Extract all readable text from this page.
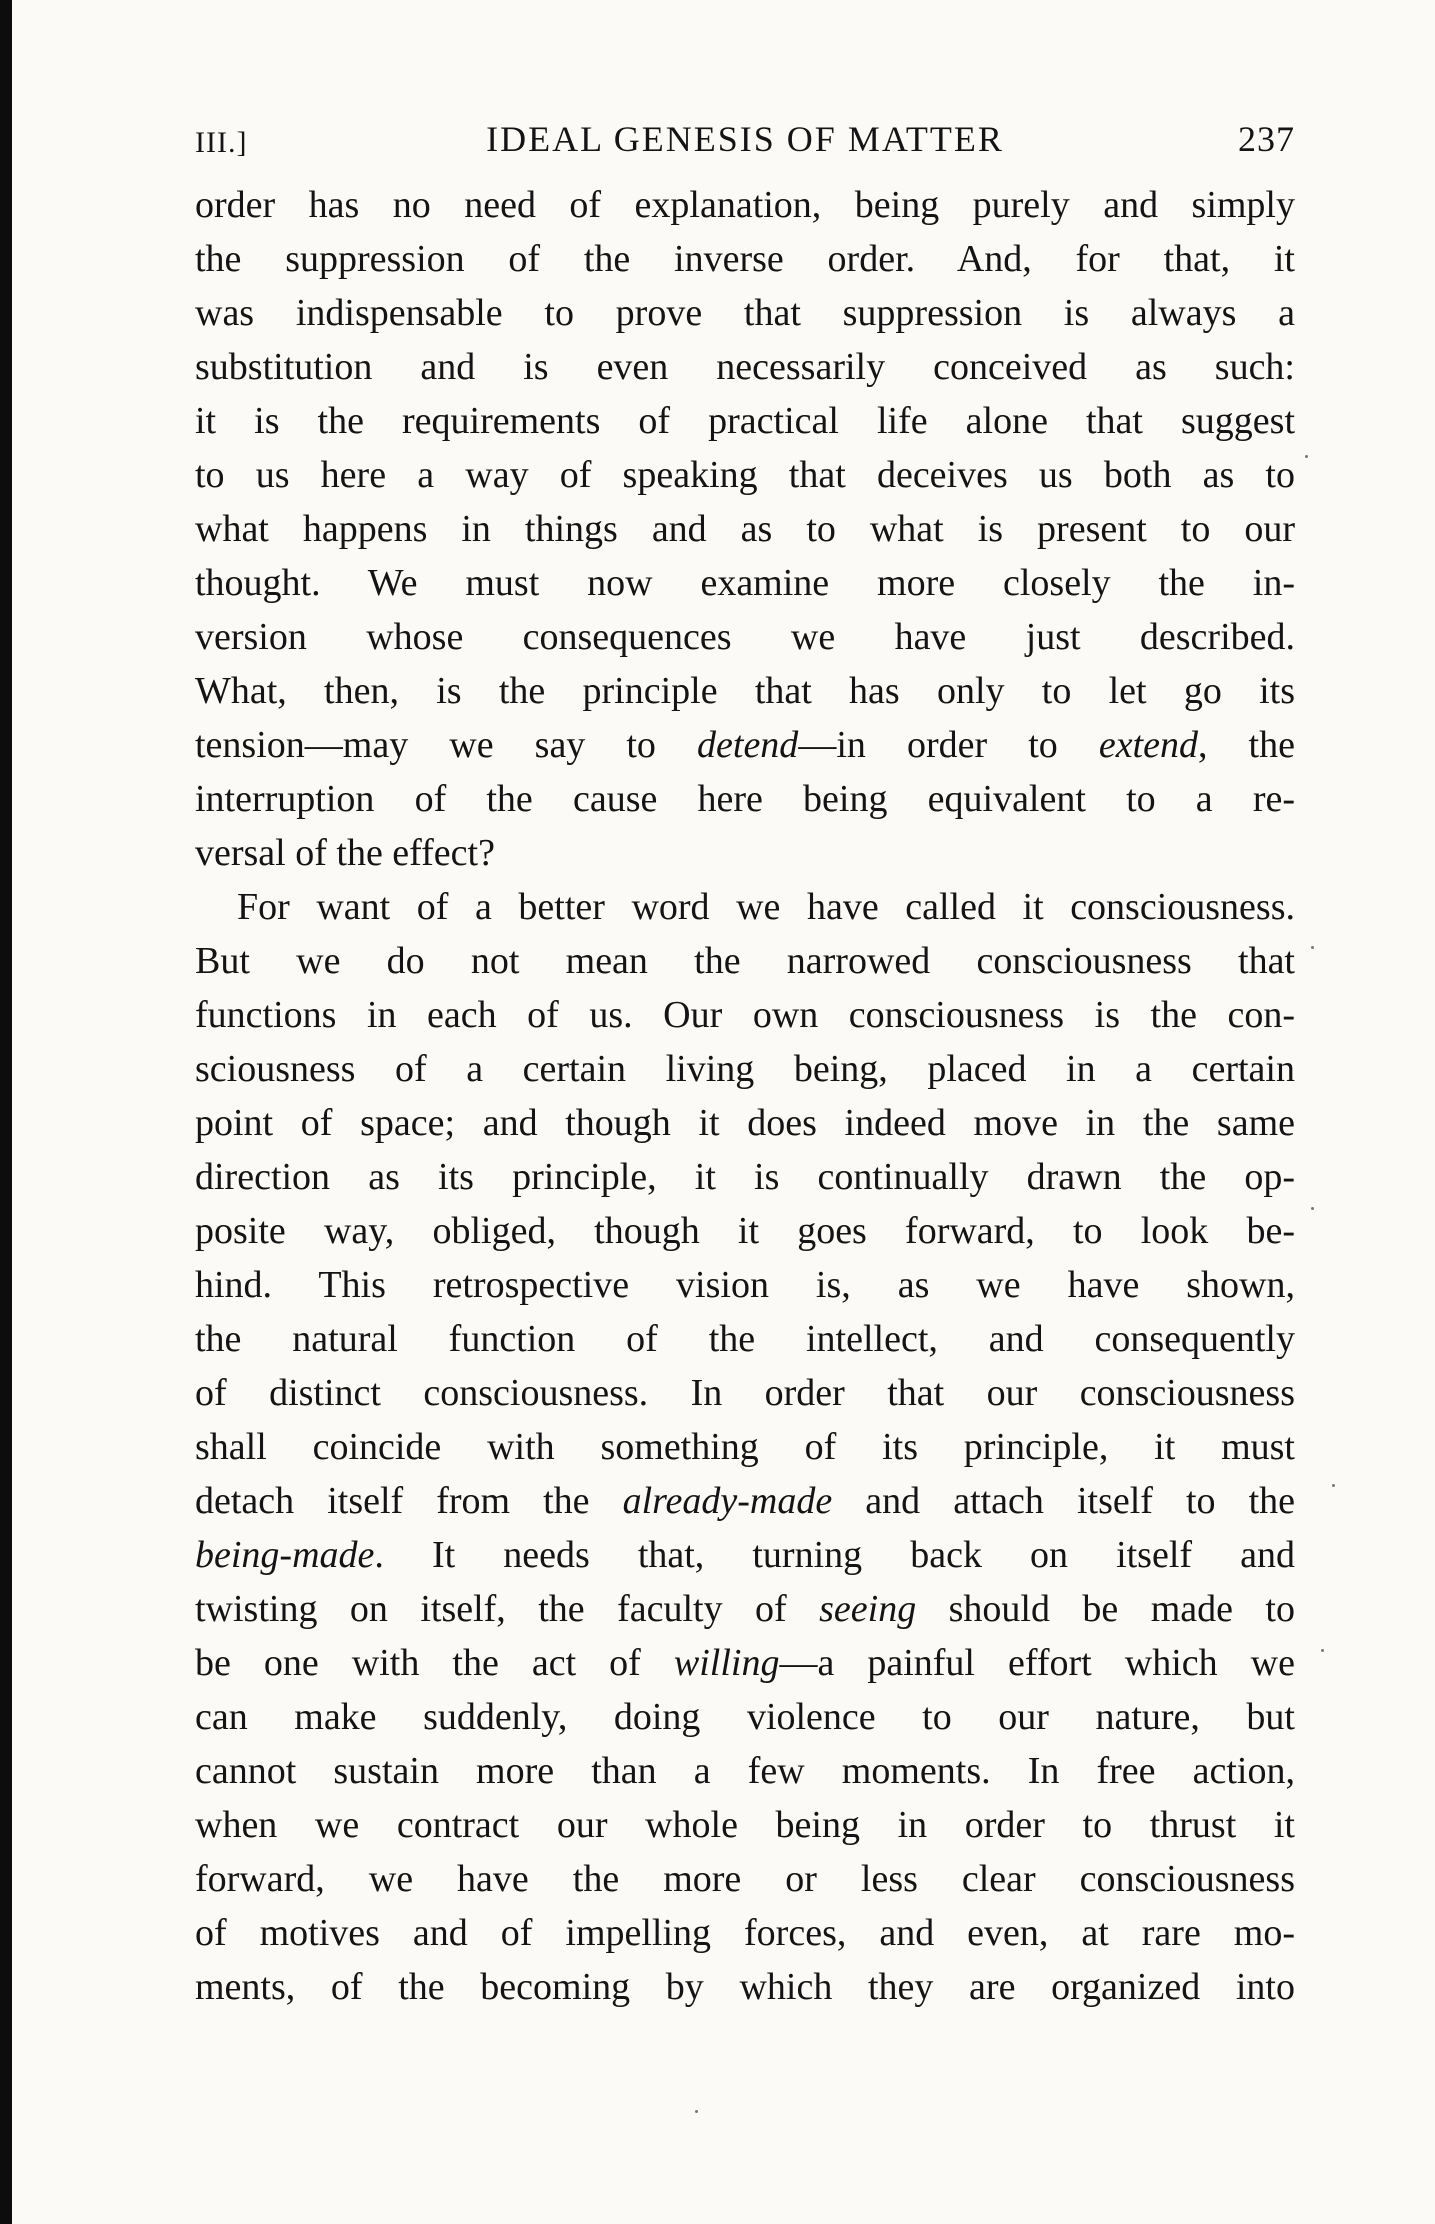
III.]	IDEAL GENESIS OF MATTER	237

order has no need of explanation, being purely and simply
the suppression of the inverse order. And, for that, it
was indispensable to prove that suppression is always a
substitution and is even necessarily conceived as such:
it is the requirements of practical life alone that suggest
to us here a way of speaking that deceives us both as to
what happens in things and as to what is present to our
thought. We must now examine more closely the in-
version whose consequences we have just described.
What, then, is the principle that has only to let go its
tension—may we say to detend—in order to extend, the
interruption of the cause here being equivalent to a re-
versal of the effect?

For want of a better word we have called it consciousness.
But we do not mean the narrowed consciousness that
functions in each of us. Our own consciousness is the con-
sciousness of a certain living being, placed in a certain
point of space; and though it does indeed move in the same
direction as its principle, it is continually drawn the op-
posite way, obliged, though it goes forward, to look be-
hind. This retrospective vision is, as we have shown,
the natural function of the intellect, and consequently
of distinct consciousness. In order that our consciousness
shall coincide with something of its principle, it must
detach itself from the already-made and attach itself to the
being-made. It needs that, turning back on itself and
twisting on itself, the faculty of seeing should be made to
be one with the act of willing—a painful effort which we
can make suddenly, doing violence to our nature, but
cannot sustain more than a few moments. In free action,
when we contract our whole being in order to thrust it
forward, we have the more or less clear consciousness
of motives and of impelling forces, and even, at rare mo-
ments, of the becoming by which they are organized into
